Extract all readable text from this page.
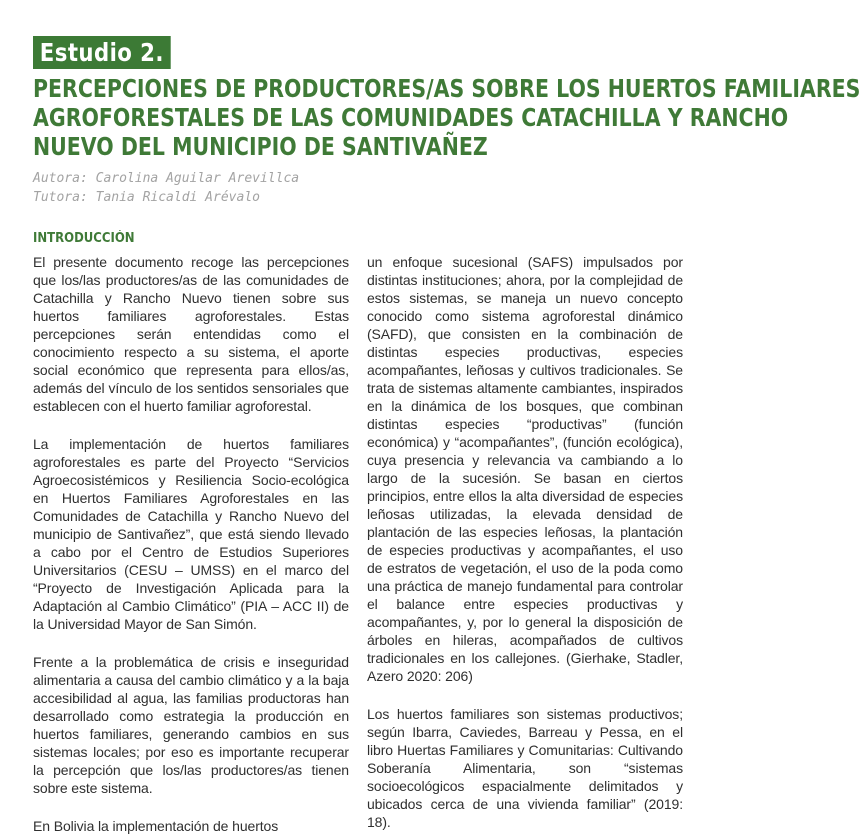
Estudio 2.
PERCEPCIONES DE PRODUCTORES/AS SOBRE LOS HUERTOS FAMILIARES
AGROFORESTALES DE LAS COMUNIDADES CATACHILLA Y RANCHO
NUEVO DEL MUNICIPIO DE SANTIVAÑEZ
Autora: Carolina Aguilar Arevillca
Tutora: Tania Ricaldi Arévalo
INTRODUCCIÓN

El presente documento recoge las percepciones que los/las productores/as de las comunidades de Catachilla y Rancho Nuevo tienen sobre sus huertos familiares agroforestales. Estas percepciones serán entendidas como el conocimiento respecto a su sistema, el aporte social económico que representa para ellos/as, además del vínculo de los sentidos sensoriales que establecen con el huerto familiar agroforestal.

La implementación de huertos familiares agroforestales es parte del Proyecto “Servicios Agroecosistémicos y Resiliencia Socio-ecológica en Huertos Familiares Agroforestales en las Comunidades de Catachilla y Rancho Nuevo del municipio de Santivañez”, que está siendo llevado a cabo por el Centro de Estudios Superiores Universitarios (CESU – UMSS) en el marco del “Proyecto de Investigación Aplicada para la Adaptación al Cambio Climático” (PIA – ACC II) de la Universidad Mayor de San Simón.

Frente a la problemática de crisis e inseguridad alimentaria a causa del cambio climático y a la baja accesibilidad al agua, las familias productoras han desarrollado como estrategia la producción en huertos familiares, generando cambios en sus sistemas locales; por eso es importante recuperar la percepción que los/las productores/as tienen sobre este sistema.

En Bolivia la implementación de huertos

un enfoque sucesional (SAFS) impulsados por distintas instituciones; ahora, por la complejidad de estos sistemas, se maneja un nuevo concepto conocido como sistema agroforestal dinámico (SAFD), que consisten en la combinación de distintas especies productivas, especies acompañantes, leñosas y cultivos tradicionales. Se trata de sistemas altamente cambiantes, inspirados en la dinámica de los bosques, que combinan distintas especies “productivas” (función económica) y “acompañantes”, (función ecológica), cuya presencia y relevancia va cambiando a lo largo de la sucesión. Se basan en ciertos principios, entre ellos la alta diversidad de especies leñosas utilizadas, la elevada densidad de plantación de las especies leñosas, la plantación de especies productivas y acompañantes, el uso de estratos de vegetación, el uso de la poda como una práctica de manejo fundamental para controlar el balance entre especies productivas y acompañantes, y, por lo general la disposición de árboles en hileras, acompañados de cultivos tradicionales en los callejones. (Gierhake, Stadler, Azero 2020: 206)

Los huertos familiares son sistemas productivos; según Ibarra, Caviedes, Barreau y Pessa, en el libro Huertas Familiares y Comunitarias: Cultivando Soberanía Alimentaria, son “sistemas socioecológicos espacialmente delimitados y ubicados cerca de una vivienda familiar” (2019: 18).
